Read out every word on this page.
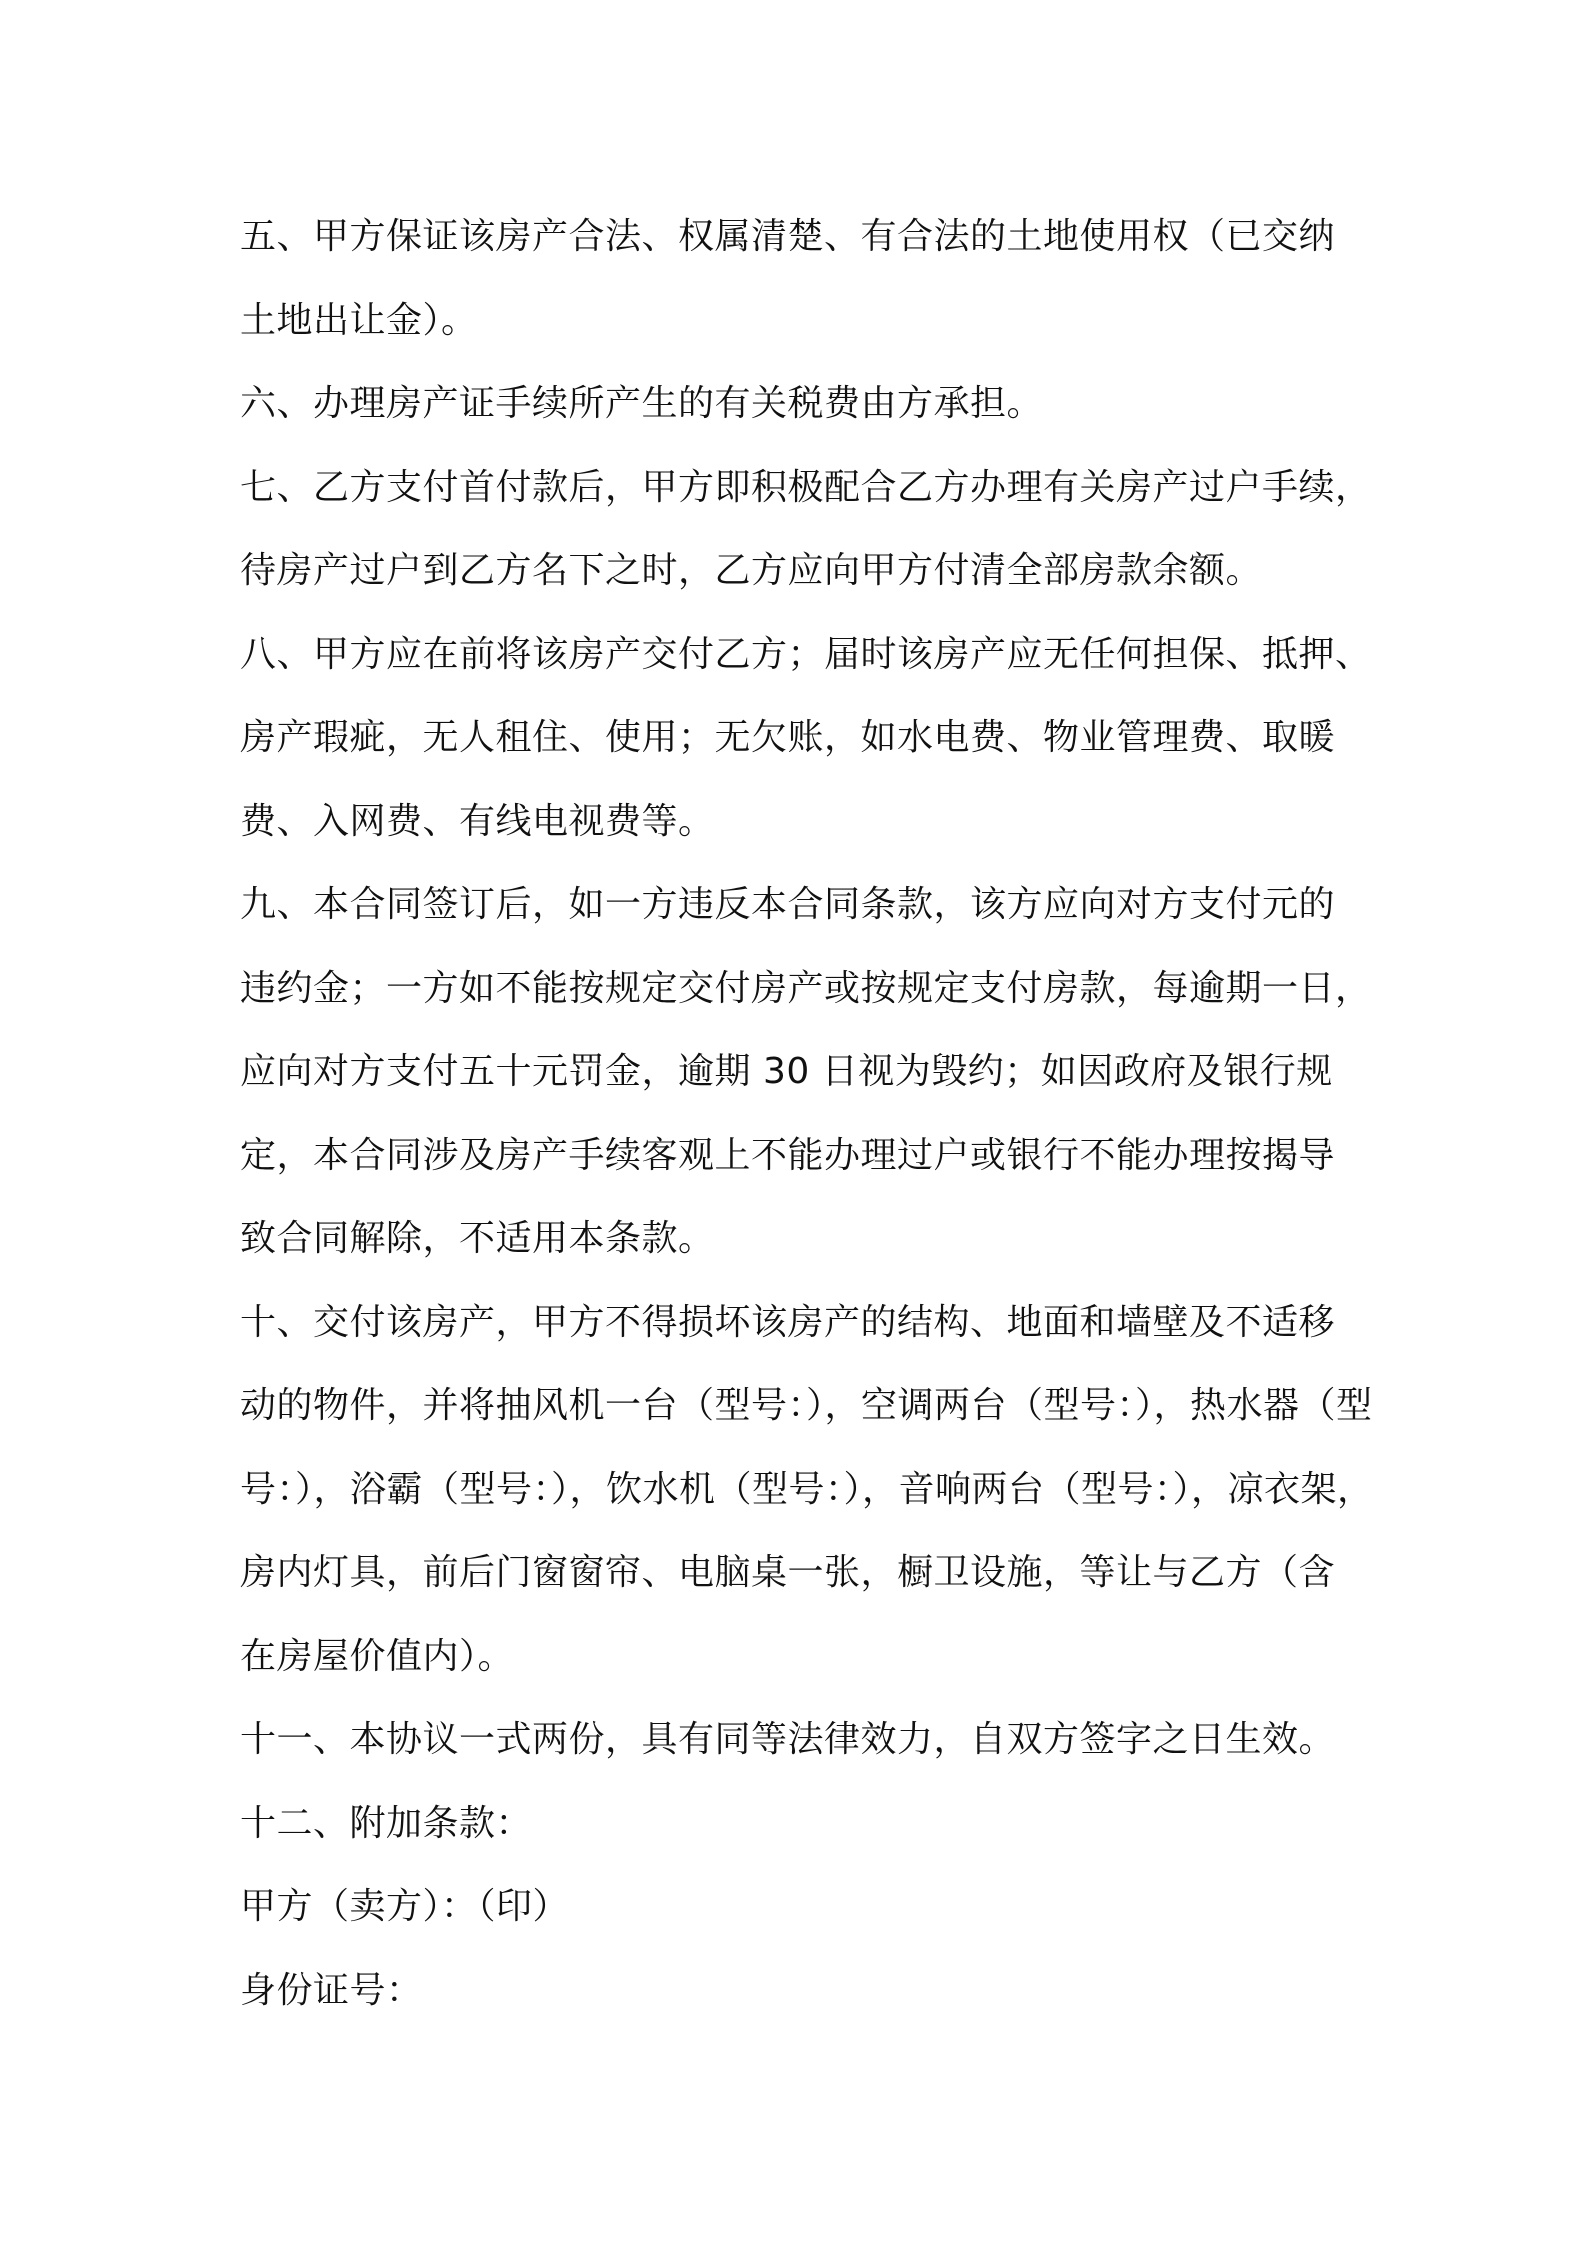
五、甲方保证该房产合法、权属清楚、有合法的土地使用权（已交纳
土地出让金）。
六、办理房产证手续所产生的有关税费由方承担。
七、乙方支付首付款后，甲方即积极配合乙方办理有关房产过户手续，
待房产过户到乙方名下之时，乙方应向甲方付清全部房款余额。
八、甲方应在前将该房产交付乙方；届时该房产应无任何担保、抵押、
房产瑕疵，无人租住、使用；无欠账，如水电费、物业管理费、取暖
费、入网费、有线电视费等。
九、本合同签订后，如一方违反本合同条款，该方应向对方支付元的
违约金；一方如不能按规定交付房产或按规定支付房款，每逾期一日，
应向对方支付五十元罚金，逾期 30 日视为毁约；如因政府及银行规
定，本合同涉及房产手续客观上不能办理过户或银行不能办理按揭导
致合同解除，不适用本条款。
十、交付该房产，甲方不得损坏该房产的结构、地面和墙壁及不适移
动的物件，并将抽风机一台（型号：），空调两台（型号：），热水器（型
号：），浴霸（型号：），饮水机（型号：），音响两台（型号：），凉衣架，
房内灯具，前后门窗窗帘、电脑桌一张，橱卫设施，等让与乙方（含
在房屋价值内）。
十一、本协议一式两份，具有同等法律效力，自双方签字之日生效。
十二、附加条款：
甲方（卖方）：（印）
身份证号：
